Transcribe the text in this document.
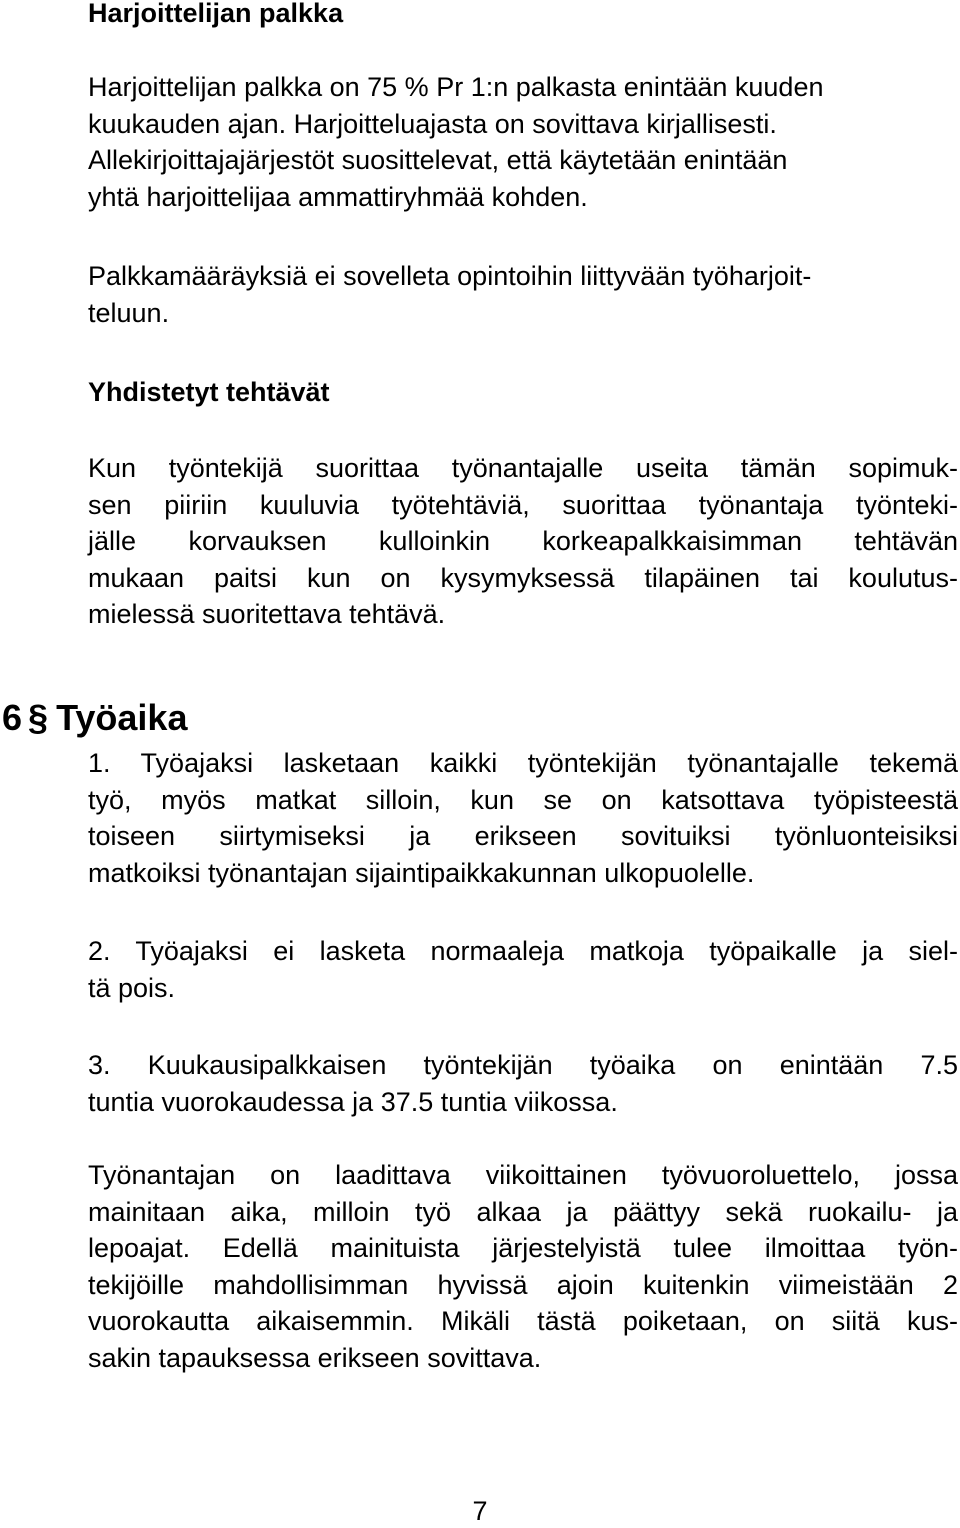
Harjoittelijan palkka

Harjoittelijan palkka on 75 % Pr 1:n palkasta enintään kuuden
kuukauden ajan. Harjoitteluajasta on sovittava kirjallisesti.
Allekirjoittajajärjestöt suosittelevat, että käytetään enintään
yhtä harjoittelijaa ammattiryhmää kohden.

Palkkamääräyksiä ei sovelleta opintoihin liittyvään työharjoit-
teluun.

Yhdistetyt tehtävät

Kun työntekijä suorittaa työnantajalle useita tämän sopimuk-
sen piiriin kuuluvia työtehtäviä, suorittaa työnantaja työnteki-
jälle korvauksen kulloinkin korkeapalkkaisimman tehtävän
mukaan paitsi kun on kysymyksessä tilapäinen tai koulutus-
mielessä suoritettava tehtävä.

6 § Työaika

1. Työajaksi lasketaan kaikki työntekijän työnantajalle tekemä
työ, myös matkat silloin, kun se on katsottava työpisteestä
toiseen siirtymiseksi ja erikseen sovituiksi työnluonteisiksi
matkoiksi työnantajan sijaintipaikkakunnan ulkopuolelle.

2. Työajaksi ei lasketa normaaleja matkoja työpaikalle ja siel-
tä pois.

3. Kuukausipalkkaisen työntekijän työaika on enintään 7.5
tuntia vuorokaudessa ja 37.5 tuntia viikossa.

Työnantajan on laadittava viikoittainen työvuoroluettelo, jossa
mainitaan aika, milloin työ alkaa ja päättyy sekä ruokailu- ja
lepoajat. Edellä mainituista järjestelyistä tulee ilmoittaa työn-
tekijöille mahdollisimman hyvissä ajoin kuitenkin viimeistään 2
vuorokautta aikaisemmin. Mikäli tästä poiketaan, on siitä kus-
sakin tapauksessa erikseen sovittava.

7
